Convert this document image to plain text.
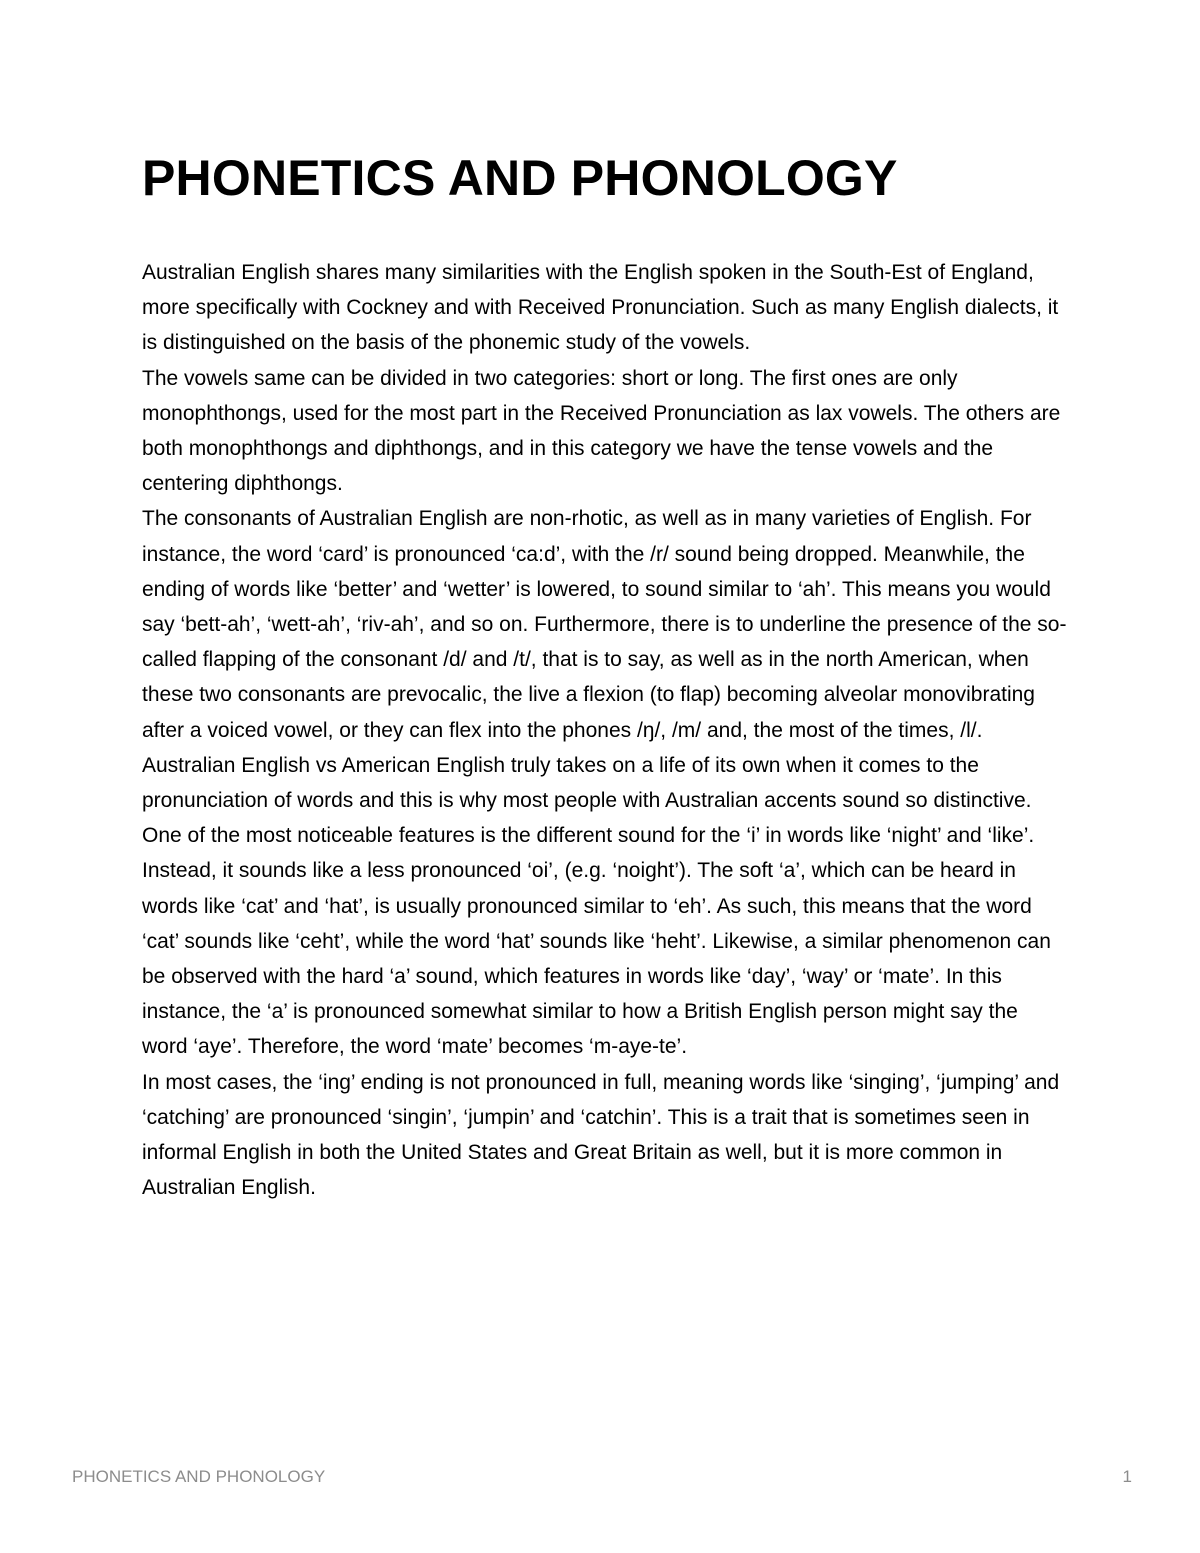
PHONETICS AND PHONOLOGY

Australian English shares many similarities with the English spoken in the South-Est of England, more specifically with Cockney and with Received Pronunciation. Such as many English dialects, it is distinguished on the basis of the phonemic study of the vowels.

The vowels same can be divided in two categories: short or long. The first ones are only monophthongs, used for the most part in the Received Pronunciation as lax vowels. The others are both monophthongs and diphthongs, and in this category we have the tense vowels and the centering diphthongs.

The consonants of Australian English are non-rhotic, as well as in many varieties of English. For instance, the word ‘card’ is pronounced ‘ca:d’, with the /r/ sound being dropped. Meanwhile, the ending of words like ‘better’ and ‘wetter’ is lowered, to sound similar to ‘ah’. This means you would say ‘bett-ah’, ‘wett-ah’, ‘riv-ah’, and so on. Furthermore, there is to underline the presence of the so-called flapping of the consonant /d/ and /t/, that is to say, as well as in the north American, when these two consonants are prevocalic, the live a flexion (to flap) becoming alveolar monovibrating after a voiced vowel, or they can flex into the phones /ŋ/, /m/ and, the most of the times, /l/.

Australian English vs American English truly takes on a life of its own when it comes to the pronunciation of words and this is why most people with Australian accents sound so distinctive. One of the most noticeable features is the different sound for the ‘i’ in words like ‘night’ and ‘like’. Instead, it sounds like a less pronounced ‘oi’, (e.g. ‘noight’). The soft ‘a’, which can be heard in words like ‘cat’ and ‘hat’, is usually pronounced similar to ‘eh’. As such, this means that the word ‘cat’ sounds like ‘ceht’, while the word ‘hat’ sounds like ‘heht’. Likewise, a similar phenomenon can be observed with the hard ‘a’ sound, which features in words like ‘day’, ‘way’ or ‘mate’. In this instance, the ‘a’ is pronounced somewhat similar to how a British English person might say the word ‘aye’. Therefore, the word ‘mate’ becomes ‘m-aye-te’.

In most cases, the ‘ing’ ending is not pronounced in full, meaning words like ‘singing’, ‘jumping’ and ‘catching’ are pronounced ‘singin’, ‘jumpin’ and ‘catchin’. This is a trait that is sometimes seen in informal English in both the United States and Great Britain as well, but it is more common in Australian English.

PHONETICS AND PHONOLOGY	1
